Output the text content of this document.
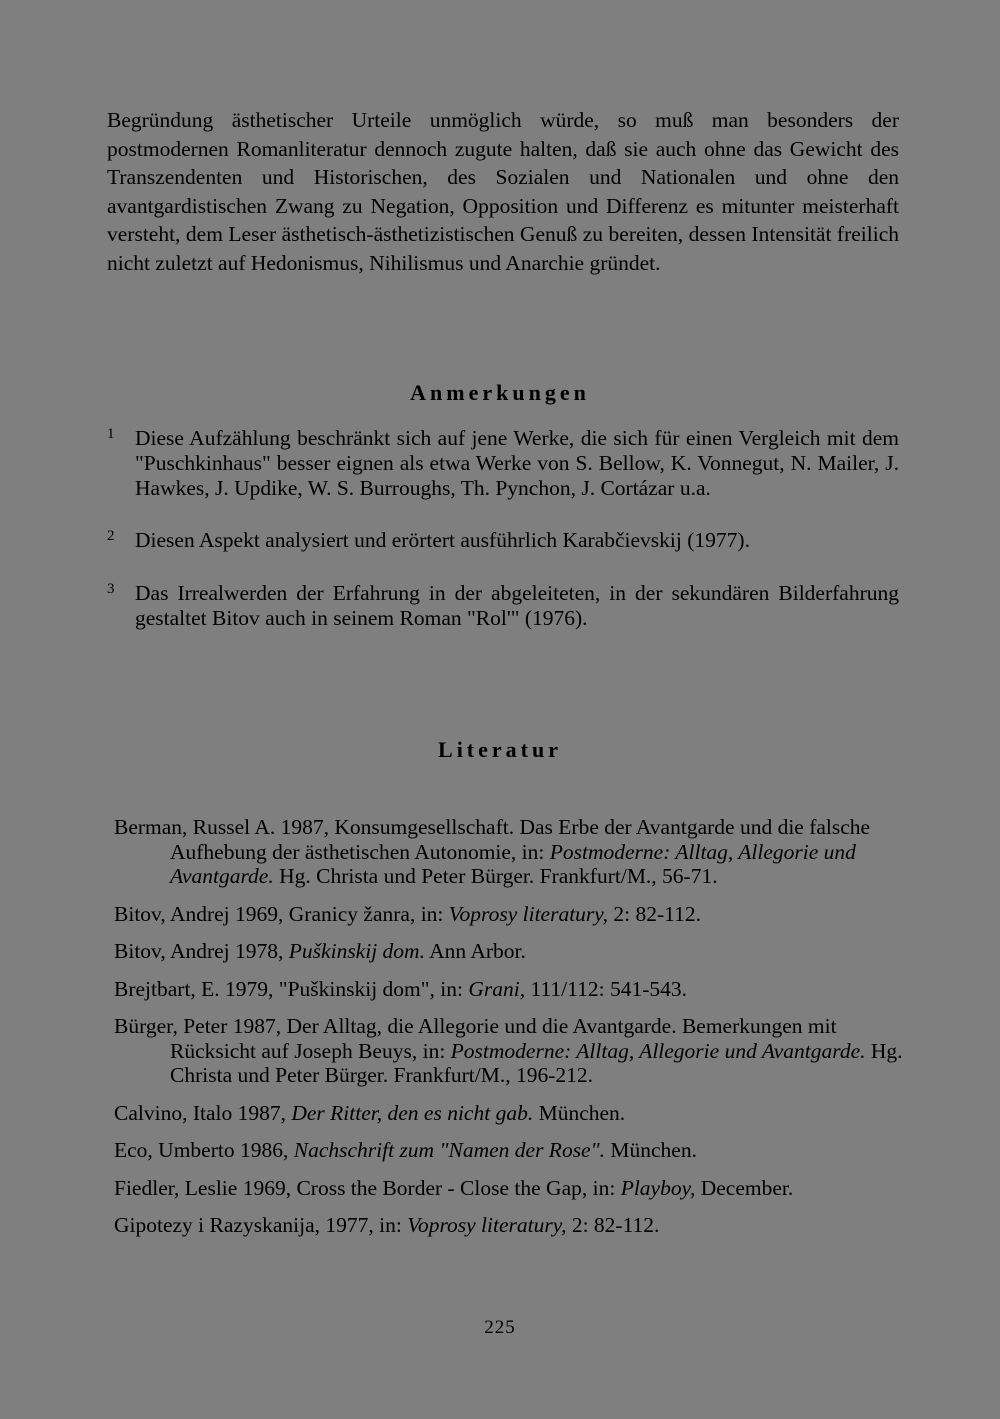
Begründung ästhetischer Urteile unmöglich würde, so muß man besonders der postmodernen Romanliteratur dennoch zugute halten, daß sie auch ohne das Gewicht des Transzendenten und Historischen, des Sozialen und Nationalen und ohne den avantgardistischen Zwang zu Negation, Opposition und Differenz es mitunter meisterhaft versteht, dem Leser ästhetisch-ästhetizistischen Genuß zu bereiten, dessen Intensität freilich nicht zuletzt auf Hedonismus, Nihilismus und Anarchie gründet.

Anmerkungen
1 Diese Aufzählung beschränkt sich auf jene Werke, die sich für einen Vergleich mit dem "Puschkinhaus" besser eignen als etwa Werke von S. Bellow, K. Vonnegut, N. Mailer, J. Hawkes, J. Updike, W. S. Burroughs, Th. Pynchon, J. Cortázar u.a.
2 Diesen Aspekt analysiert und erörtert ausführlich Karabčievskij (1977).
3 Das Irrealwerden der Erfahrung in der abgeleiteten, in der sekundären Bilderfahrung gestaltet Bitov auch in seinem Roman "Rol'" (1976).
Literatur
Berman, Russel A. 1987, Konsumgesellschaft. Das Erbe der Avantgarde und die falsche Aufhebung der ästhetischen Autonomie, in: Postmoderne: Alltag, Allegorie und Avantgarde. Hg. Christa und Peter Bürger. Frankfurt/M., 56-71.
Bitov, Andrej 1969, Granicy žanra, in: Voprosy literatury, 2: 82-112.
Bitov, Andrej 1978, Puškinskij dom. Ann Arbor.
Brejtbart, E. 1979, "Puškinskij dom", in: Grani, 111/112: 541-543.
Bürger, Peter 1987, Der Alltag, die Allegorie und die Avantgarde. Bemerkungen mit Rücksicht auf Joseph Beuys, in: Postmoderne: Alltag, Allegorie und Avantgarde. Hg. Christa und Peter Bürger. Frankfurt/M., 196-212.
Calvino, Italo 1987, Der Ritter, den es nicht gab. München.
Eco, Umberto 1986, Nachschrift zum "Namen der Rose". München.
Fiedler, Leslie 1969, Cross the Border - Close the Gap, in: Playboy, December.
Gipotezy i Razyskanija, 1977, in: Voprosy literatury, 2: 82-112.
225
